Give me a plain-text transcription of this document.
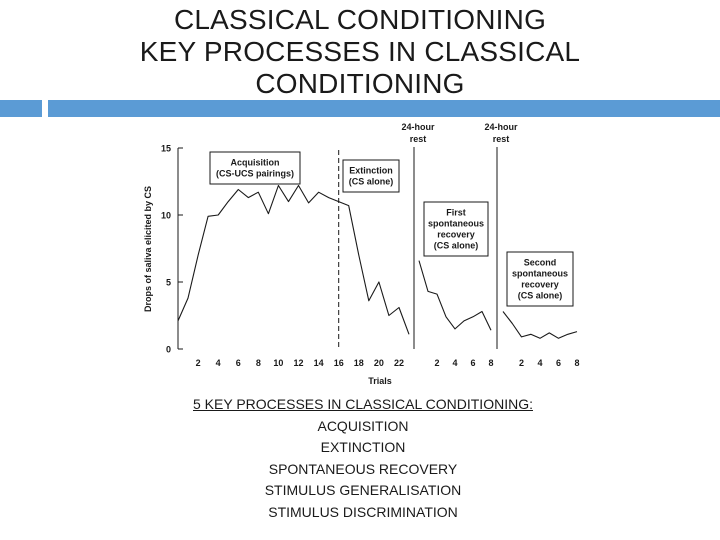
CLASSICAL CONDITIONING
KEY PROCESSES IN CLASSICAL
CONDITIONING
0
5
10
15
Drops of saliva elicited by CS
2 4 6 8 10 12 14 16 18 20 22	2 4 6 8	2 4 6 8
Trials
24-hour
rest
24-hour
rest
Acquisition
(CS-UCS pairings)	Extinction
(CS alone)
First
spontaneous
recovery
(CS alone)
Second
spontaneous
recovery
(CS alone)
5 KEY PROCESSES IN CLASSICAL CONDITIONING:
ACQUISITION
EXTINCTION
SPONTANEOUS RECOVERY
STIMULUS GENERALISATION
STIMULUS DISCRIMINATION
